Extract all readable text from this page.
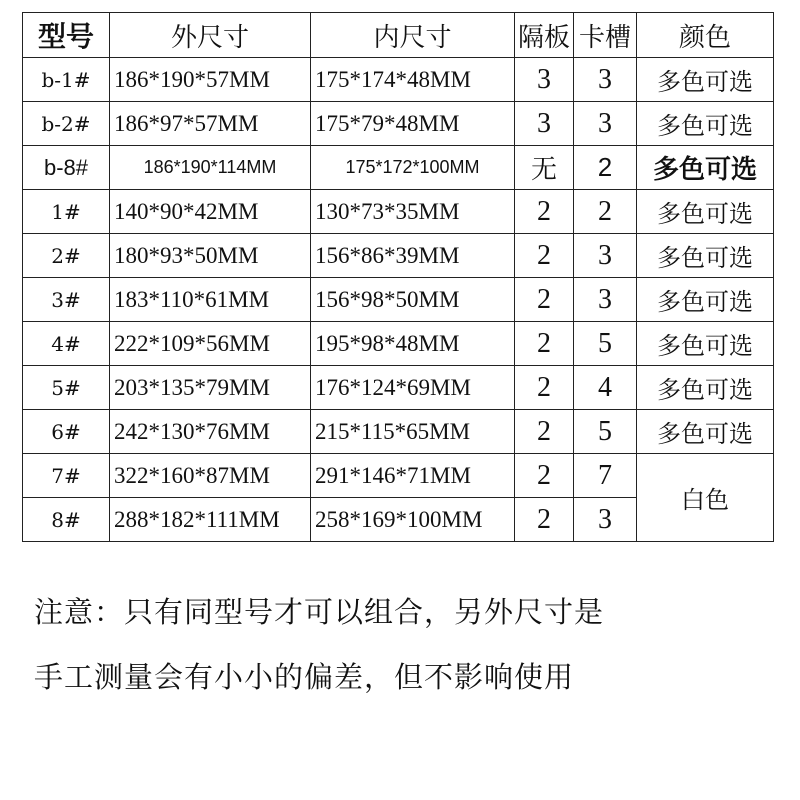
型号	外尺寸	内尺寸	隔板	卡槽	颜色
b-1#	186*190*57MM	175*174*48MM	3	3	多色可选
b-2#	186*97*57MM	175*79*48MM	3	3	多色可选
b-8#	186*190*114MM	175*172*100MM	无	2	多色可选
1#	140*90*42MM	130*73*35MM	2	2	多色可选
2#	180*93*50MM	156*86*39MM	2	3	多色可选
3#	183*110*61MM	156*98*50MM	2	3	多色可选
4#	222*109*56MM	195*98*48MM	2	5	多色可选
5#	203*135*79MM	176*124*69MM	2	4	多色可选
6#	242*130*76MM	215*115*65MM	2	5	多色可选
7#	322*160*87MM	291*146*71MM	2	7	白色
8#	288*182*111MM	258*169*100MM	2	3	
注意：只有同型号才可以组合，另外尺寸是
手工测量会有小小的偏差，但不影响使用
